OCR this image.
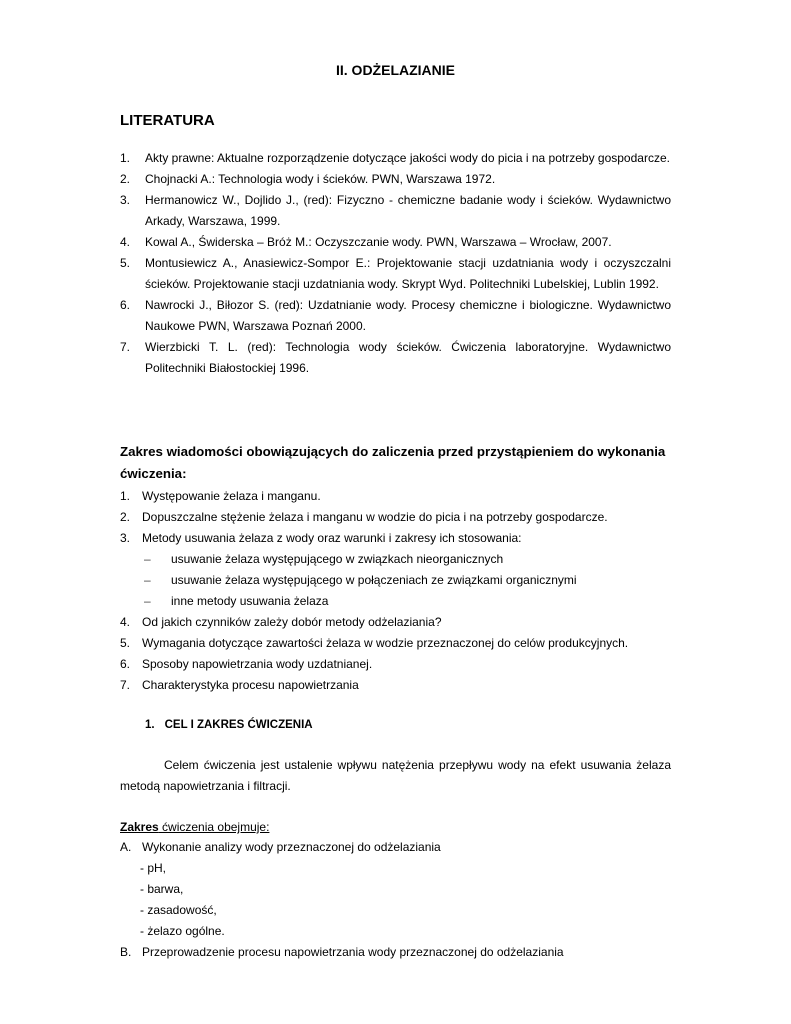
II. ODŻELAZIANIE
LITERATURA
1.	Akty prawne: Aktualne rozporządzenie dotyczące jakości wody do picia i na potrzeby gospodarcze.
2.	Chojnacki A.: Technologia wody i ścieków. PWN, Warszawa 1972.
3.	Hermanowicz W., Dojlido J., (red): Fizyczno - chemiczne badanie wody i ścieków. Wydawnictwo Arkady, Warszawa, 1999.
4.	Kowal A., Świderska – Bróż M.: Oczyszczanie wody. PWN, Warszawa – Wrocław, 2007.
5.	Montusiewicz A., Anasiewicz-Sompor E.: Projektowanie stacji uzdatniania wody i oczyszczalni ścieków. Projektowanie stacji uzdatniania wody. Skrypt Wyd. Politechniki Lubelskiej, Lublin 1992.
6.	Nawrocki J., Biłozor S. (red): Uzdatnianie wody. Procesy chemiczne i biologiczne. Wydawnictwo Naukowe PWN, Warszawa Poznań 2000.
7.	Wierzbicki T. L. (red): Technologia wody ścieków. Ćwiczenia laboratoryjne. Wydawnictwo Politechniki Białostockiej 1996.
Zakres wiadomości obowiązujących do zaliczenia przed przystąpieniem do wykonania ćwiczenia:
1. Występowanie żelaza i manganu.
2. Dopuszczalne stężenie żelaza i manganu w wodzie do picia i na potrzeby gospodarcze.
3. Metody usuwania żelaza z wody oraz warunki i zakresy ich stosowania:
–	usuwanie żelaza występującego w związkach nieorganicznych
–	usuwanie żelaza występującego w połączeniach ze związkami organicznymi
–	inne metody usuwania żelaza
4. Od jakich czynników zależy dobór metody odżelaziania?
5. Wymagania dotyczące zawartości żelaza w wodzie przeznaczonej do celów produkcyjnych.
6. Sposoby napowietrzania wody uzdatnianej.
7. Charakterystyka procesu napowietrzania
1. CEL I ZAKRES ĆWICZENIA
Celem ćwiczenia jest ustalenie wpływu natężenia przepływu wody na efekt usuwania żelaza metodą napowietrzania i filtracji.
Zakres ćwiczenia obejmuje:
A. Wykonanie analizy wody przeznaczonej do odżelaziania
- pH,
- barwa,
- zasadowość,
- żelazo ogólne.
B. Przeprowadzenie procesu napowietrzania wody przeznaczonej do odżelaziania
